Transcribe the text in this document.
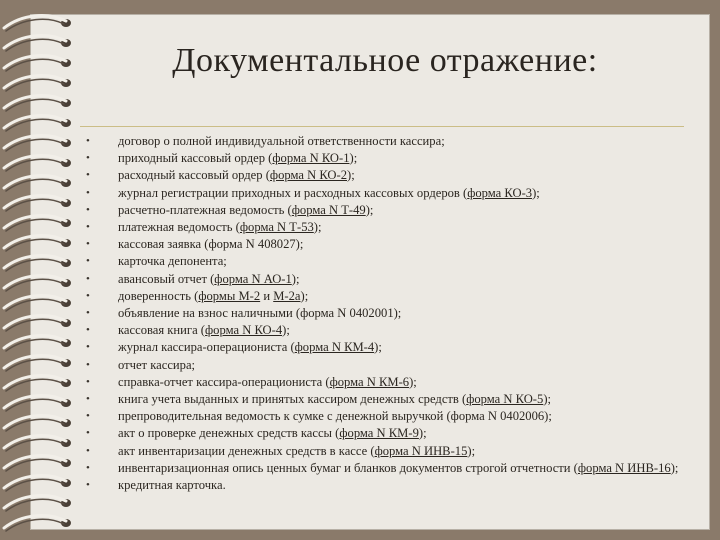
Документальное отражение:
•	договор о полной индивидуальной ответственности кассира;
•	приходный кассовый ордер (форма N КО-1);
•	расходный кассовый ордер (форма N КО-2);
•	журнал регистрации приходных и расходных кассовых ордеров (форма КО-3);
•	расчетно-платежная ведомость (форма N Т-49);
•	платежная ведомость (форма N Т-53);
•	кассовая заявка (форма N 408027);
•	карточка депонента;
•	авансовый отчет (форма N АО-1);
•	доверенность (формы М-2 и М-2а);
•	объявление на взнос наличными (форма N 0402001);
•	кассовая книга (форма N КО-4);
•	журнал кассира-операциониста (форма N КМ-4);
•	отчет кассира;
•	справка-отчет кассира-операциониста (форма N КМ-6);
•	книга учета выданных и принятых кассиром денежных средств (форма N КО-5);
•	препроводительная ведомость к сумке с денежной выручкой (форма N 0402006);
•	акт о проверке денежных средств кассы (форма N КМ-9);
•	акт инвентаризации денежных средств в кассе (форма N ИНВ-15);
•	инвентаризационная опись ценных бумаг и бланков документов строгой отчетности (форма N ИНВ-16);
•	кредитная карточка.
